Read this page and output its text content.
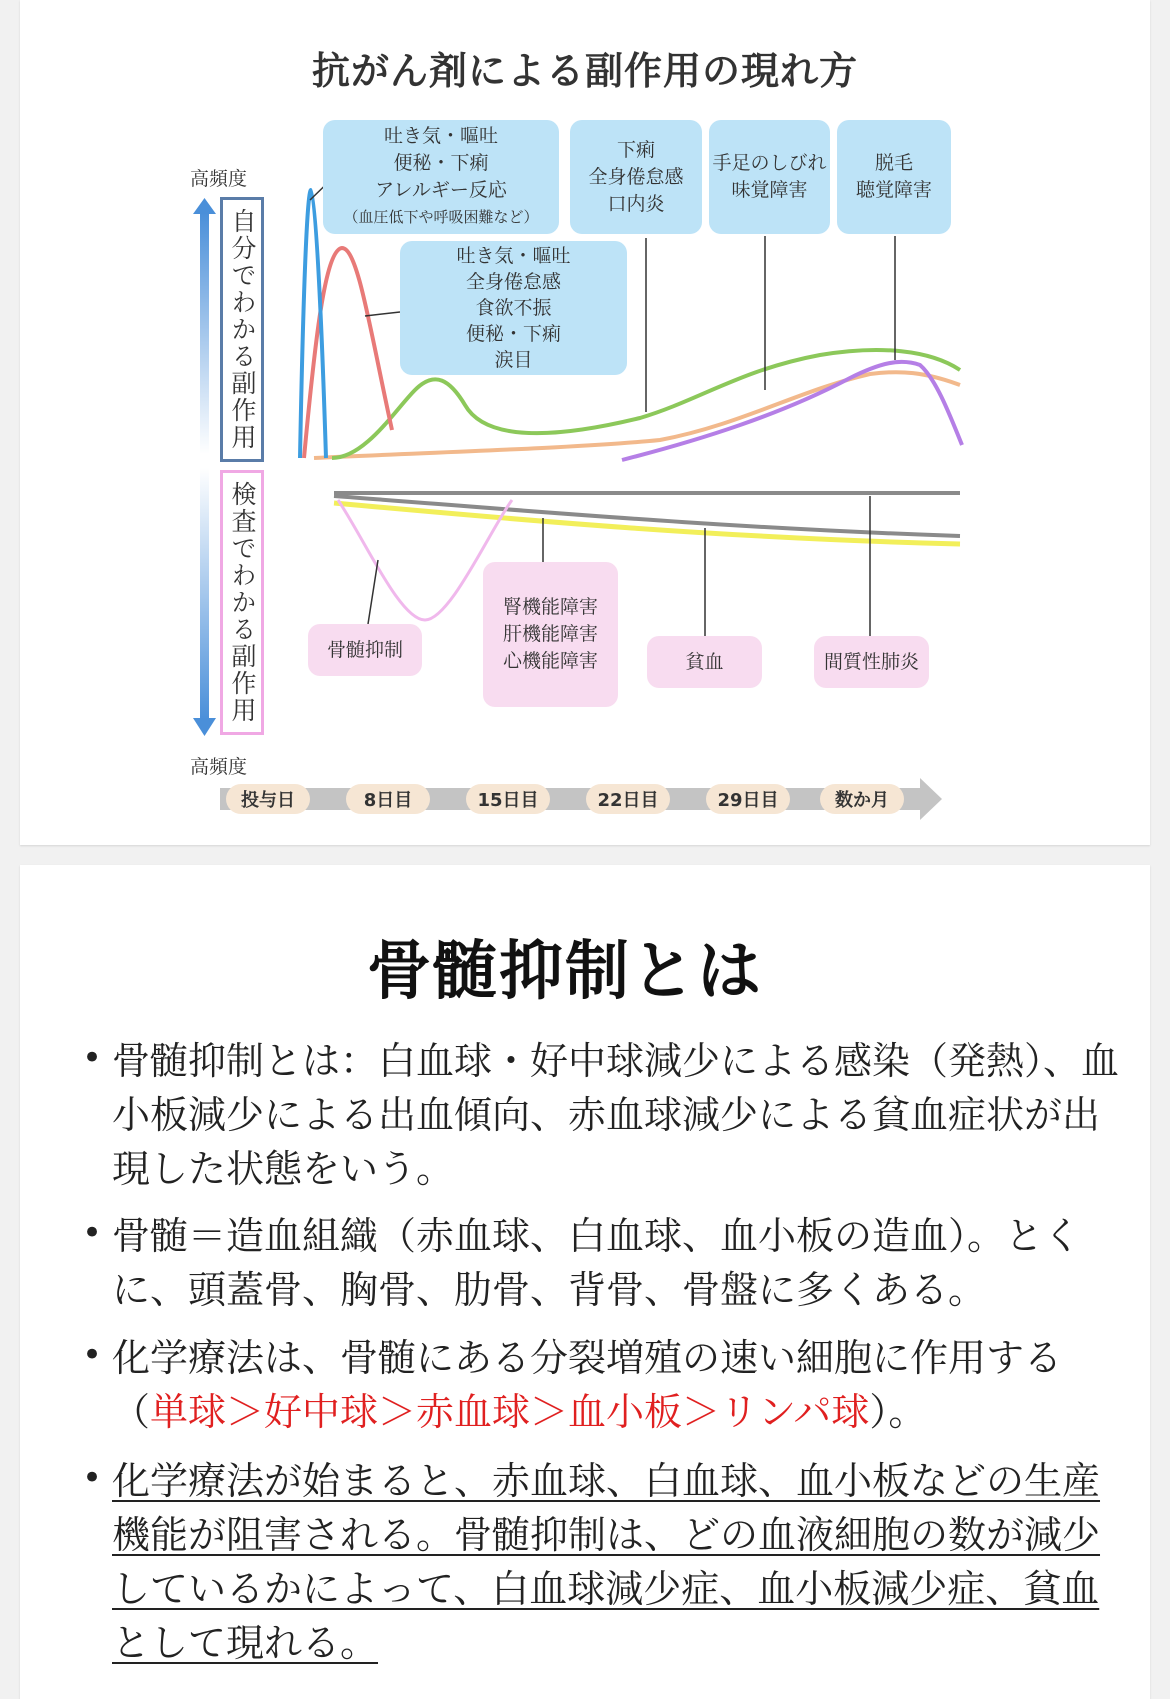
抗がん剤による副作用の現れ方
高頻度
高頻度
自分でわかる副作用
検査でわかる副作用
吐き気・嘔吐
便秘・下痢
アレルギー反応
（血圧低下や呼吸困難など）
下痢
全身倦怠感
口内炎
手足のしびれ
味覚障害
脱毛
聴覚障害
吐き気・嘔吐
全身倦怠感
食欲不振
便秘・下痢
涙目
骨髄抑制
腎機能障害
肝機能障害
心機能障害	貧血	間質性肺炎
投与日	8日目	15日目	22日目	29日目	数か月
骨髄抑制とは
• 骨髄抑制とは：白血球・好中球減少による感染（発熱）、血小板減少による出血傾向、赤血球減少による貧血症状が出現した状態をいう。
• 骨髄＝造血組織（赤血球、白血球、血小板の造血）。とくに、頭蓋骨、胸骨、肋骨、背骨、骨盤に多くある。
• 化学療法は、骨髄にある分裂増殖の速い細胞に作用する（単球＞好中球＞赤血球＞血小板＞リンパ球）。
• 化学療法が始まると、赤血球、白血球、血小板などの生産機能が阻害される。骨髄抑制は、どの血液細胞の数が減少しているかによって、白血球減少症、血小板減少症、貧血として現れる。
